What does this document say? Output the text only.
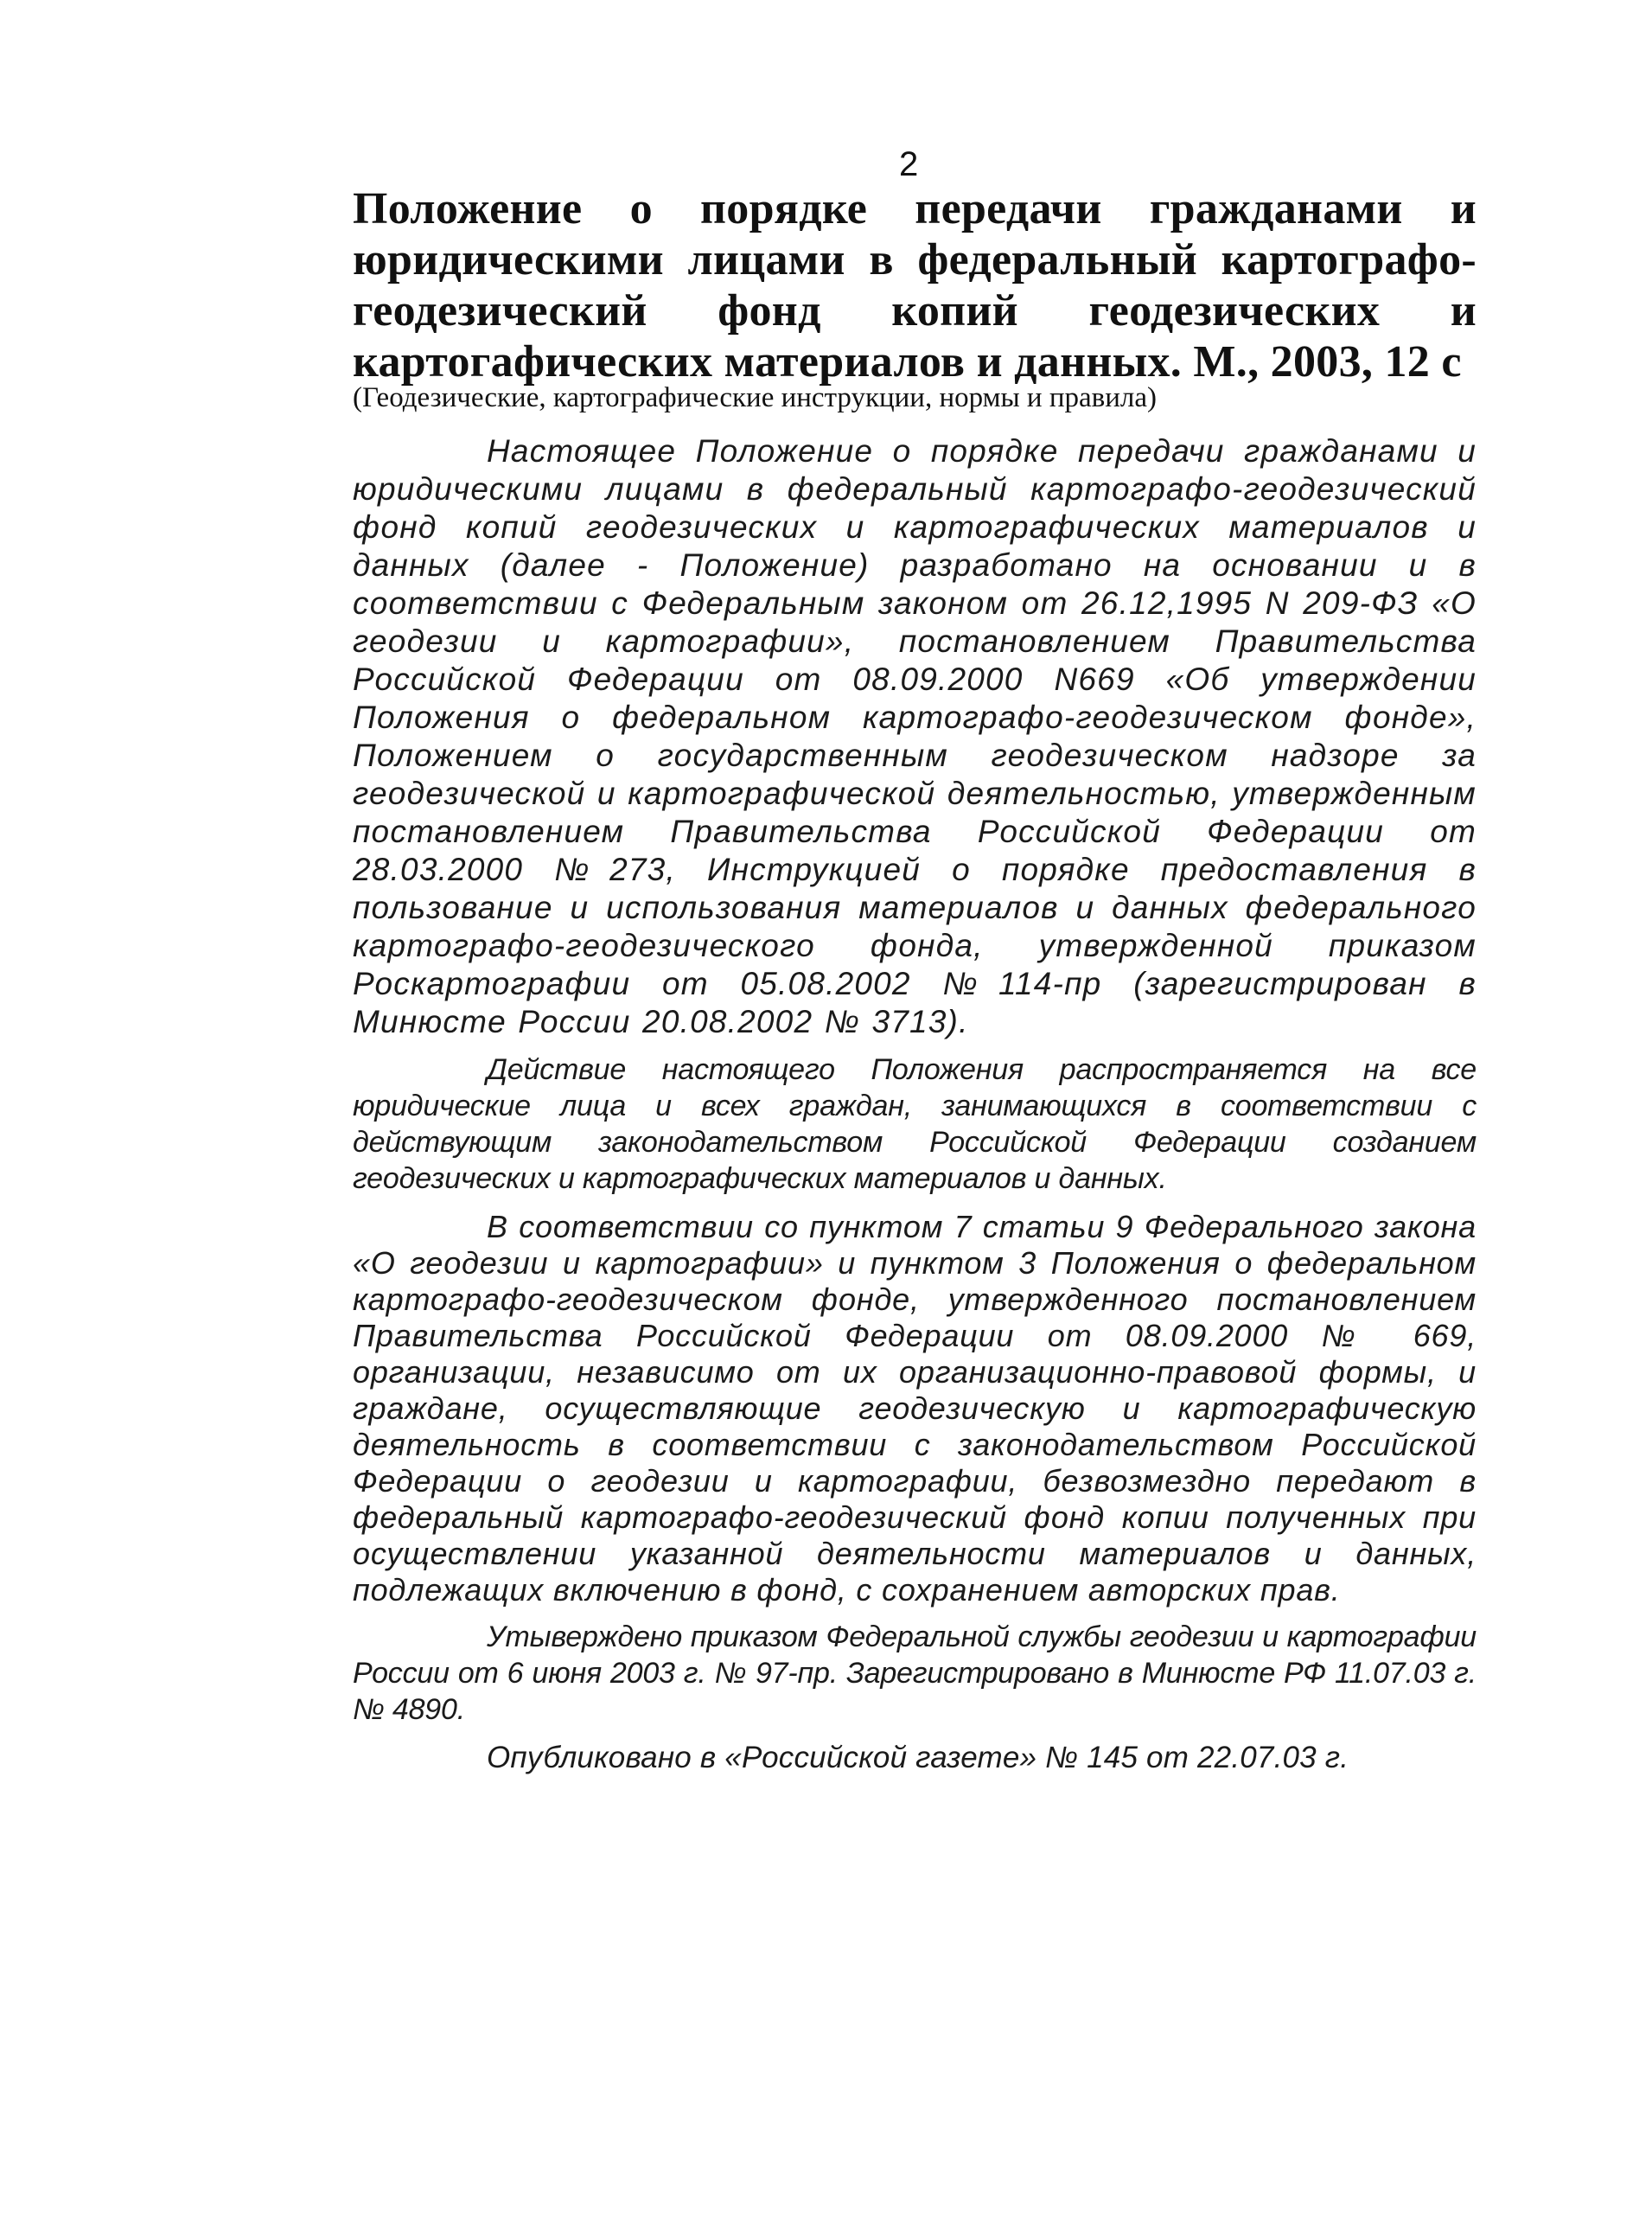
2
Положение о порядке передачи гражданами и юридическими лицами в федеральный картографо-геодезический фонд копий геодезических и картогафических материалов и данных. М., 2003, 12 с

(Геодезические, картографические инструкции, нормы и правила)

Настоящее Положение о порядке передачи гражданами и юридическими лицами в федеральный картографо-геодезический фонд копий геодезических и картографических материалов и данных (далее - Положение) разработано на основании и в соответствии с Федеральным законом от 26.12,1995 N 209-ФЗ «О геодезии и картографии», постановлением Правительства Российской Федерации от 08.09.2000 N669 «Об утверждении Положения о федеральном картографо-геодезическом фонде», Положением о государственным геодезическом надзоре за геодезической и картографической деятельностью, утвержденным постановлением Правительства Российской Федерации от 28.03.2000 №273, Инструкцией о порядке предоставления в пользование и использования материалов и данных федерального картографо-геодезического фонда, утвержденной приказом Роскартографии от 05.08.2002 №114-пр (зарегистрирован в Минюсте России 20.08.2002 № 3713).

Действие настоящего Положения распространяется на все юридические лица и всех граждан, занимающихся в соответствии с действующим законодательством Российской Федерации созданием геодезических и картографических материалов и данных.

В соответствии со пунктом 7 статьи 9 Федерального закона «О геодезии и картографии» и пунктом 3 Положения о федеральном картографо-геодезическом фонде, утвержденного постановлением Правительства Российской Федерации от 08.09.2000 № 669, организации, независимо от их организационно-правовой формы, и граждане, осуществляющие геодезическую и картографическую деятельность в соответствии с законодательством Российской Федерации о геодезии и картографии, безвозмездно передают в федеральный картографо-геодезический фонд копии полученных при осуществлении указанной деятельности материалов и данных, подлежащих включению в фонд, с сохранением авторских прав.

Утывержденo приказом Федеральной службы геодезии и картографии России от 6 июня 2003 г. № 97-пр. Зарегистрировано в Минюсте РФ 11.07.03 г. № 4890.

Опубликовано в «Российской газете» № 145 от 22.07.03 г.
